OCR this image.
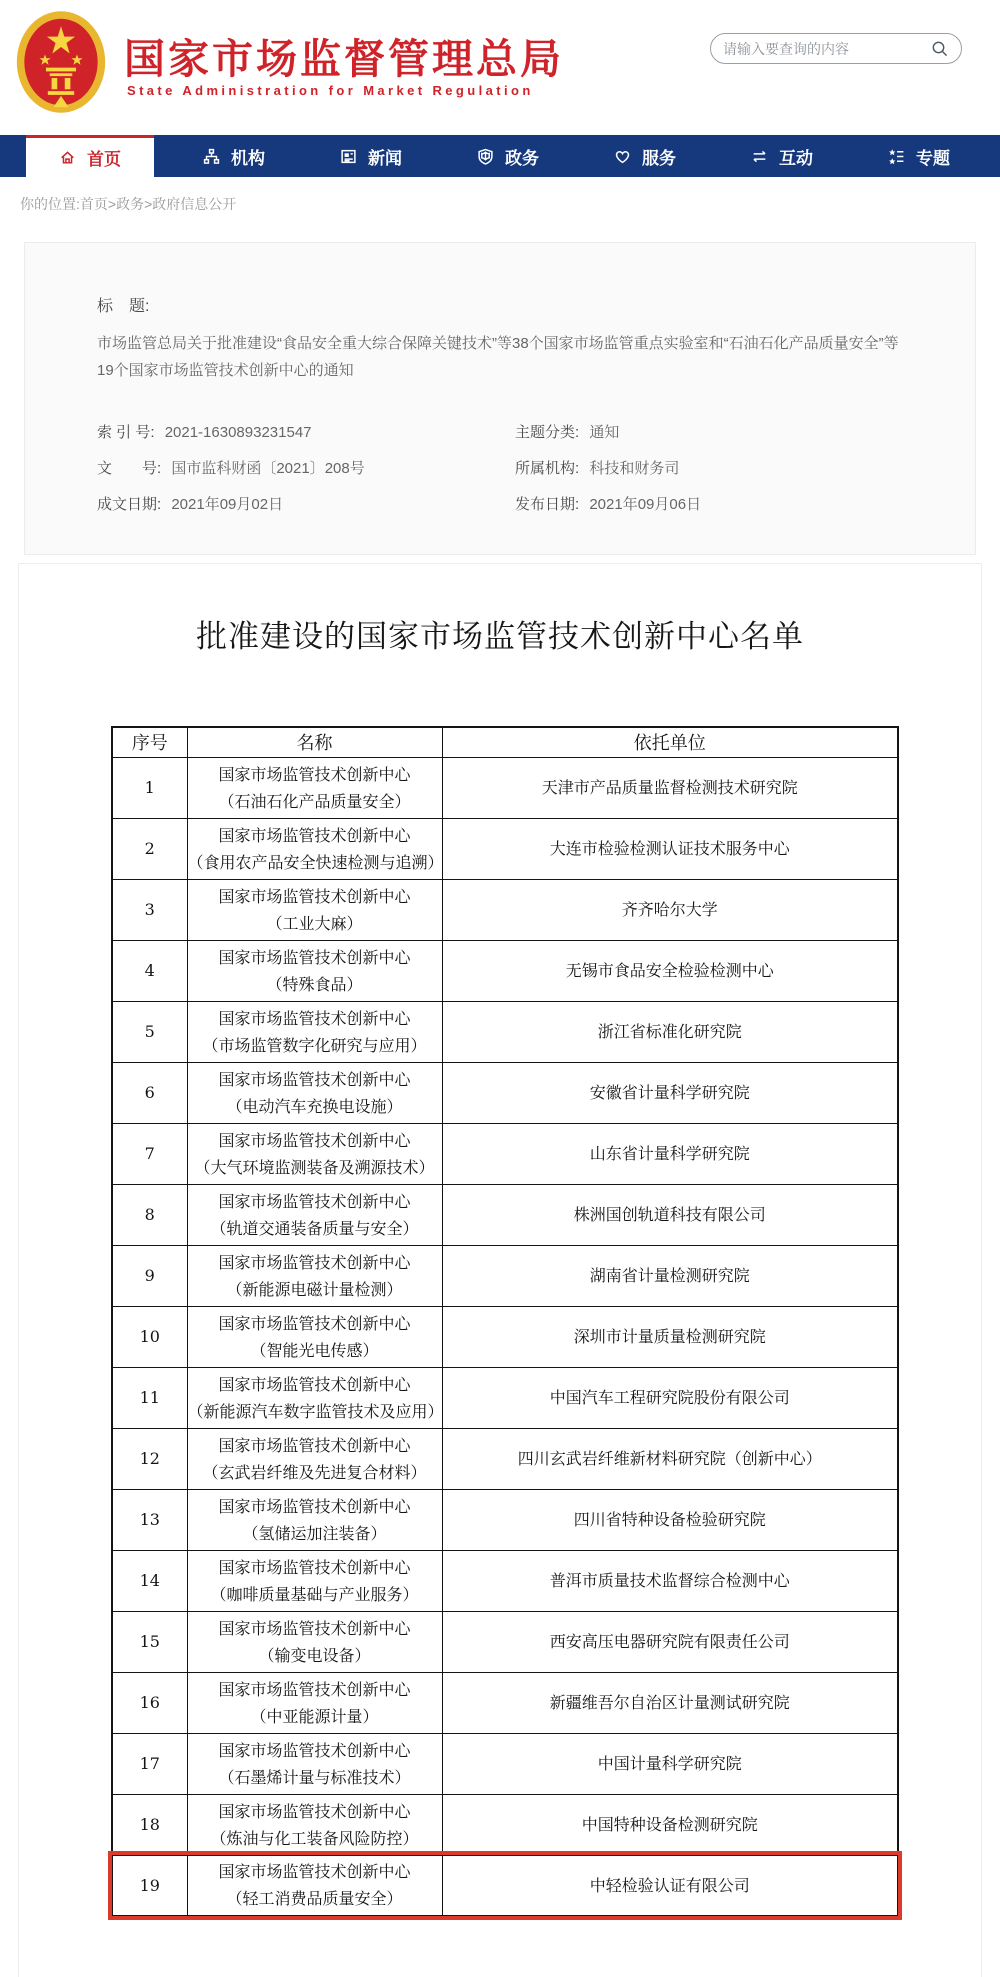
国家市场监督管理总局
State Administration for Market Regulation
请输入要查询的内容
首页	机构	新闻	政务	服务	互动	专题
你的位置:首页>政务>政府信息公开
标　题:
市场监管总局关于批准建设“食品安全重大综合保障关键技术”等38个国家市场监管重点实验室和“石油石化产品质量安全”等19个国家市场监管技术创新中心的通知
索 引 号: 2021-1630893231547	主题分类: 通知
文　　号: 国市监科财函〔2021〕208号	所属机构: 科技和财务司
成文日期: 2021年09月02日	发布日期: 2021年09月06日
批准建设的国家市场监管技术创新中心名单
序号	名称	依托单位
1	国家市场监管技术创新中心
（石油石化产品质量安全）	天津市产品质量监督检测技术研究院
2	国家市场监管技术创新中心
（食用农产品安全快速检测与追溯）	大连市检验检测认证技术服务中心
3	国家市场监管技术创新中心
（工业大麻）	齐齐哈尔大学
4	国家市场监管技术创新中心
（特殊食品）	无锡市食品安全检验检测中心
5	国家市场监管技术创新中心
（市场监管数字化研究与应用）	浙江省标准化研究院
6	国家市场监管技术创新中心
（电动汽车充换电设施）	安徽省计量科学研究院
7	国家市场监管技术创新中心
（大气环境监测装备及溯源技术）	山东省计量科学研究院
8	国家市场监管技术创新中心
（轨道交通装备质量与安全）	株洲国创轨道科技有限公司
9	国家市场监管技术创新中心
（新能源电磁计量检测）	湖南省计量检测研究院
10	国家市场监管技术创新中心
（智能光电传感）	深圳市计量质量检测研究院
11	国家市场监管技术创新中心
（新能源汽车数字监管技术及应用）	中国汽车工程研究院股份有限公司
12	国家市场监管技术创新中心
（玄武岩纤维及先进复合材料）	四川玄武岩纤维新材料研究院（创新中心）
13	国家市场监管技术创新中心
（氢储运加注装备）	四川省特种设备检验研究院
14	国家市场监管技术创新中心
（咖啡质量基础与产业服务）	普洱市质量技术监督综合检测中心
15	国家市场监管技术创新中心
（输变电设备）	西安高压电器研究院有限责任公司
16	国家市场监管技术创新中心
（中亚能源计量）	新疆维吾尔自治区计量测试研究院
17	国家市场监管技术创新中心
（石墨烯计量与标准技术）	中国计量科学研究院
18	国家市场监管技术创新中心
（炼油与化工装备风险防控）	中国特种设备检测研究院
19	国家市场监管技术创新中心
（轻工消费品质量安全）	中轻检验认证有限公司
